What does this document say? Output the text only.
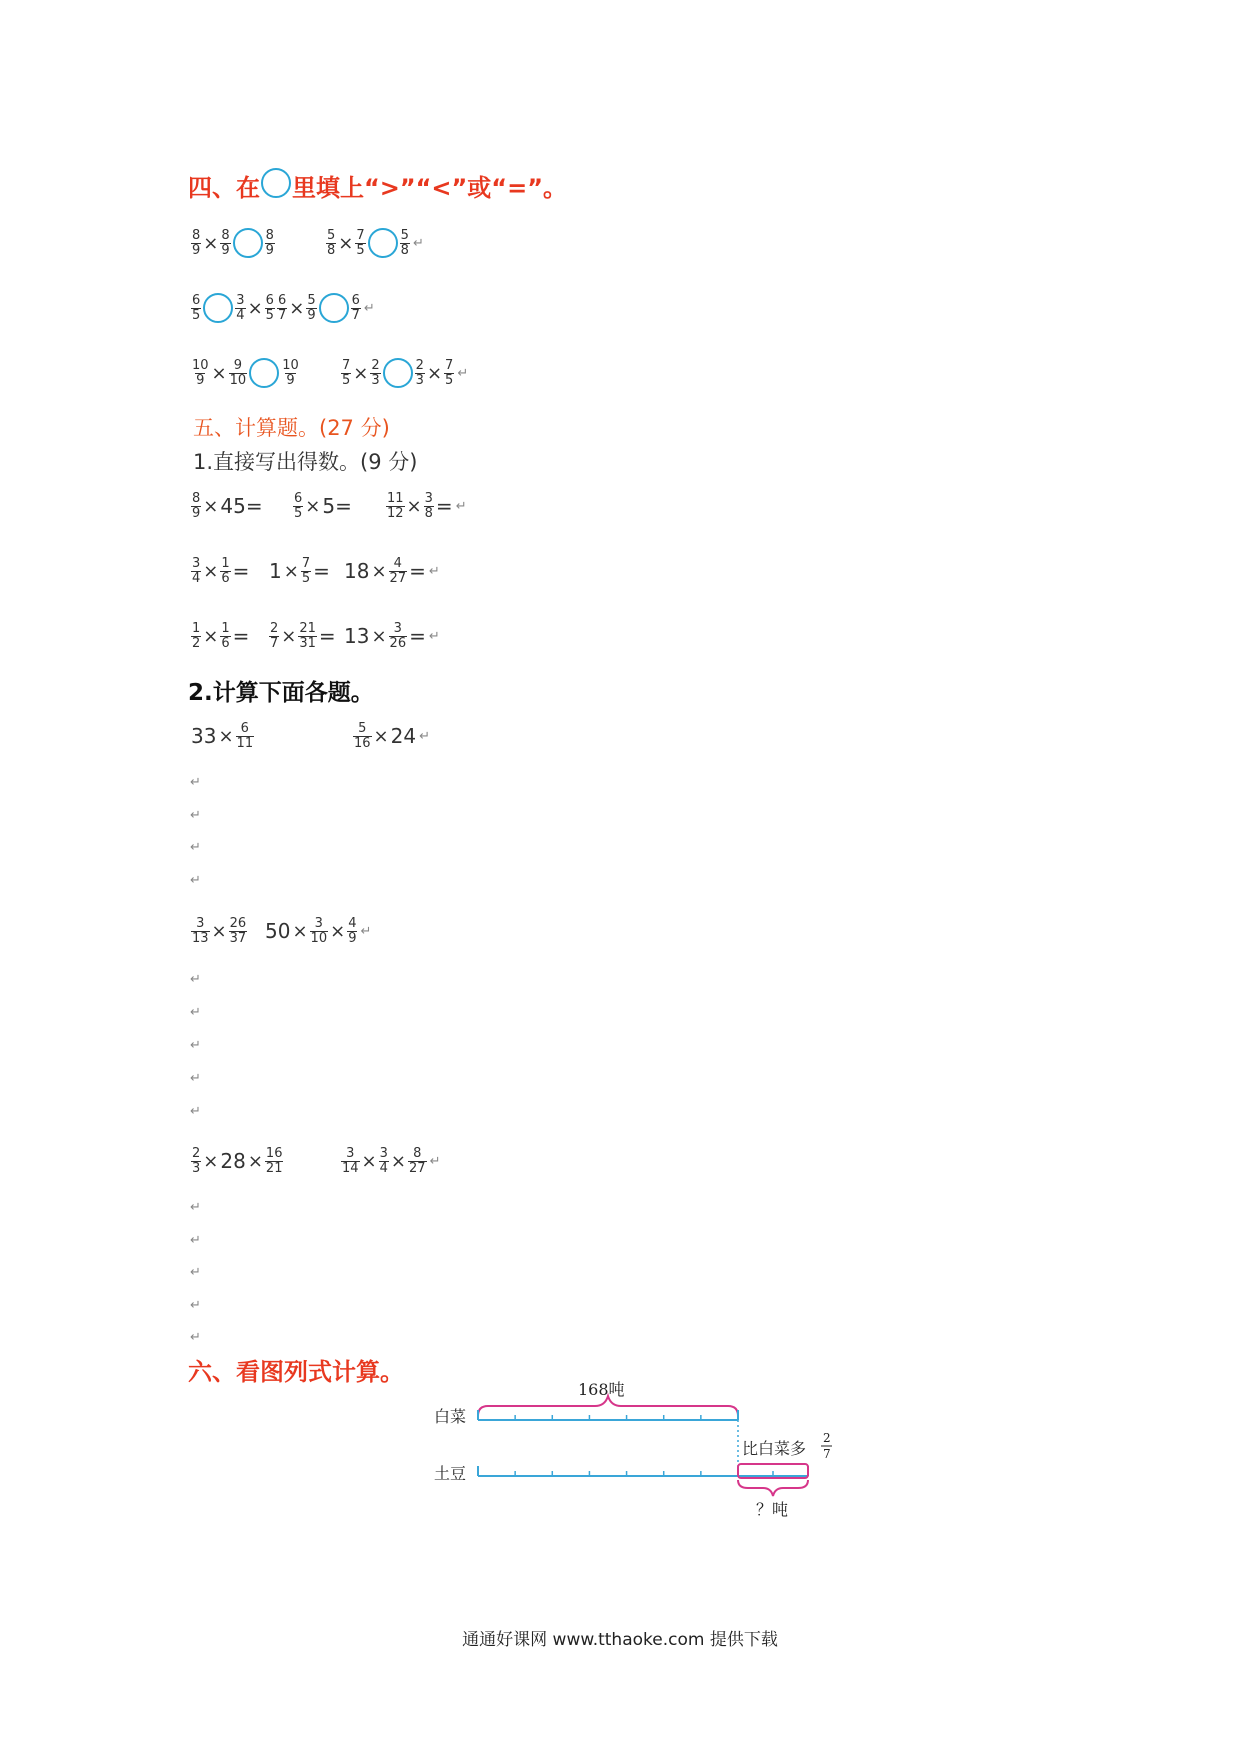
四、在 里填上“>”“<”或“=”。
$\frac{8}{9} \times \frac{8}{9}$	$\frac{8}{9}$	$\frac{5}{8} \times \frac{7}{5}$	$\frac{5}{8}$ ↵
$\frac{6}{5}$	$\frac{3}{4} \times \frac{6}{5} \frac{6}{7} \times \frac{5}{9}$	$\frac{6}{7}$ ↵
$\frac{10}{9} \times \frac{9}{10}$	$\frac{10}{9}$	$\frac{7}{5} \times \frac{2}{3}$	$\frac{2}{3} \times \frac{7}{5}$ ↵
五、计算题。(27 分)
1.直接写出得数。(9 分)
$\frac{8}{9} \times 45= \frac{6}{5} \times 5=$	$\frac{11}{12} \times \frac{3}{8}$ = ↵
$\frac{3}{4} \times \frac{1}{6} = 1 \times \frac{7}{5} = 18 \times \frac{4}{27}$ = ↵
$\frac{1}{2} \times \frac{1}{6} = \frac{2}{7} \times \frac{21}{31} = 13 \times \frac{3}{26}$ = ↵
2.计算下面各题。
$33 \times \frac{6}{11}$	$\frac{5}{16} \times 24$ ↵
$\frac{3}{13} \times \frac{26}{37} 50 \times \frac{3}{10} \times \frac{4}{9}$ ↵
$\frac{2}{3} \times 28 \times \frac{16}{21}$	$\frac{3}{14} \times \frac{3}{4} \times \frac{8}{27}$ ↵
↵
↵
↵
↵
↵
↵
↵
↵
↵
↵
↵
↵
↵
↵
六、看图列式计算。
168吨
白菜
土豆
比白菜多
2
7
？吨
通通好课网 www.tthaoke.com 提供下载
